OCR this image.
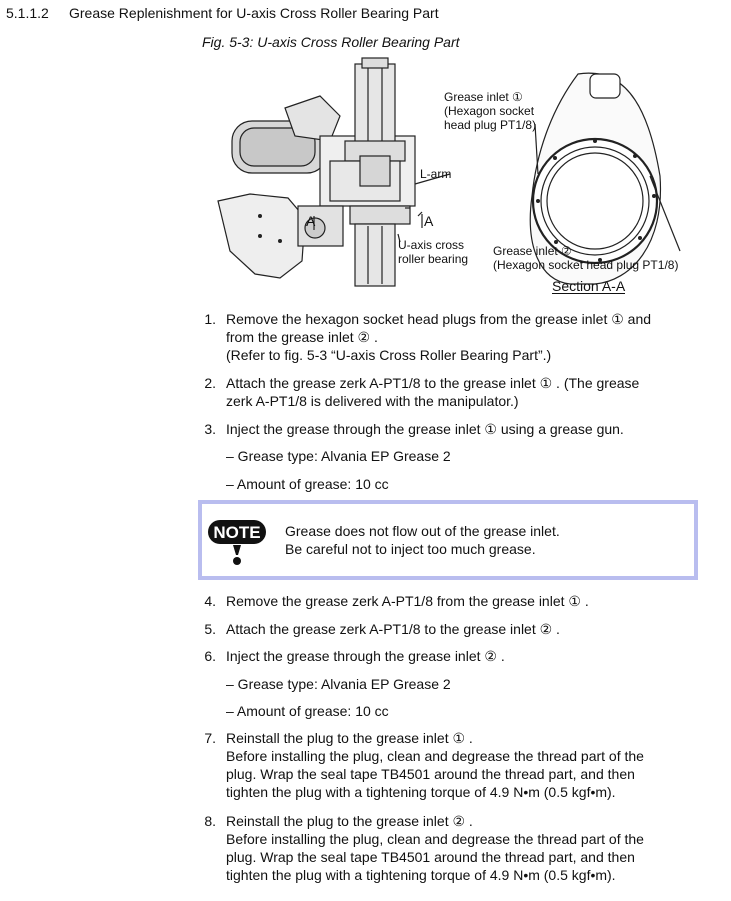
5.1.1.2 Grease Replenishment for U-axis Cross Roller Bearing Part
Fig. 5-3: U-axis Cross Roller Bearing Part
Grease inlet ①
(Hexagon socket
head plug PT1/8)
L-arm
A
A
U-axis cross
roller bearing
Grease inlet ②
(Hexagon socket head plug PT1/8)
Section A-A
1. Remove the hexagon socket head plugs from the grease inlet ① and
from the grease inlet ② .
(Refer to fig. 5-3 “U-axis Cross Roller Bearing Part”.)
2. Attach the grease zerk A-PT1/8 to the grease inlet ① . (The grease
zerk A-PT1/8 is delivered with the manipulator.)
3. Inject the grease through the grease inlet ① using a grease gun.
– Grease type: Alvania EP Grease 2
– Amount of grease: 10 cc
NOTE Grease does not flow out of the grease inlet.
Be careful not to inject too much grease.
4. Remove the grease zerk A-PT1/8 from the grease inlet ① .
5. Attach the grease zerk A-PT1/8 to the grease inlet ② .
6. Inject the grease through the grease inlet ② .
– Grease type: Alvania EP Grease 2
– Amount of grease: 10 cc
7. Reinstall the plug to the grease inlet ① .
Before installing the plug, clean and degrease the thread part of the
plug. Wrap the seal tape TB4501 around the thread part, and then
tighten the plug with a tightening torque of 4.9 N•m (0.5 kgf•m).
8. Reinstall the plug to the grease inlet ② .
Before installing the plug, clean and degrease the thread part of the
plug. Wrap the seal tape TB4501 around the thread part, and then
tighten the plug with a tightening torque of 4.9 N•m (0.5 kgf•m).
